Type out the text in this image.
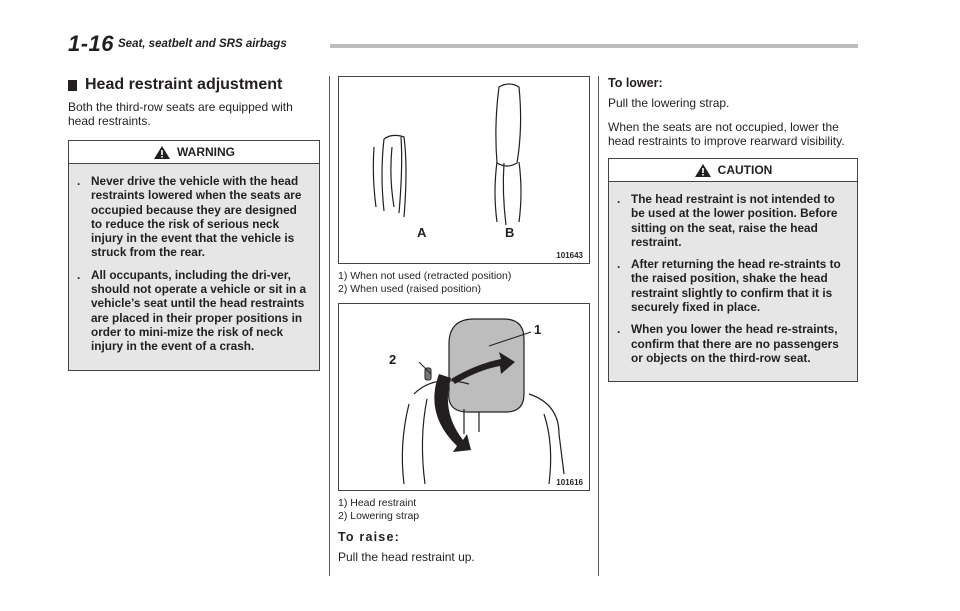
1-16 Seat, seatbelt and SRS airbags
Head restraint adjustment

Both the third-row seats are equipped with head restraints.

WARNING
. Never drive the vehicle with the head restraints lowered when the seats are occupied because they are designed to reduce the risk of serious neck injury in the event that the vehicle is struck from the rear.
. All occupants, including the dri-ver, should not operate a vehicle or sit in a vehicle’s seat until the head restraints are placed in their proper positions in order to mini-mize the risk of neck injury in the event of a crash.
A	B
101643
1) When not used (retracted position)
2) When used (raised position)
1
2
101616
1) Head restraint
2) Lowering strap
To raise:

Pull the head restraint up.

To lower:

Pull the lowering strap.

When the seats are not occupied, lower the head restraints to improve rearward visibility.

CAUTION
. The head restraint is not intended to be used at the lower position. Before sitting on the seat, raise the head restraint.
. After returning the head re-straints to the raised position, shake the head restraint slightly to confirm that it is securely fixed in place.
. When you lower the head re-straints, confirm that there are no passengers or objects on the third-row seat.
